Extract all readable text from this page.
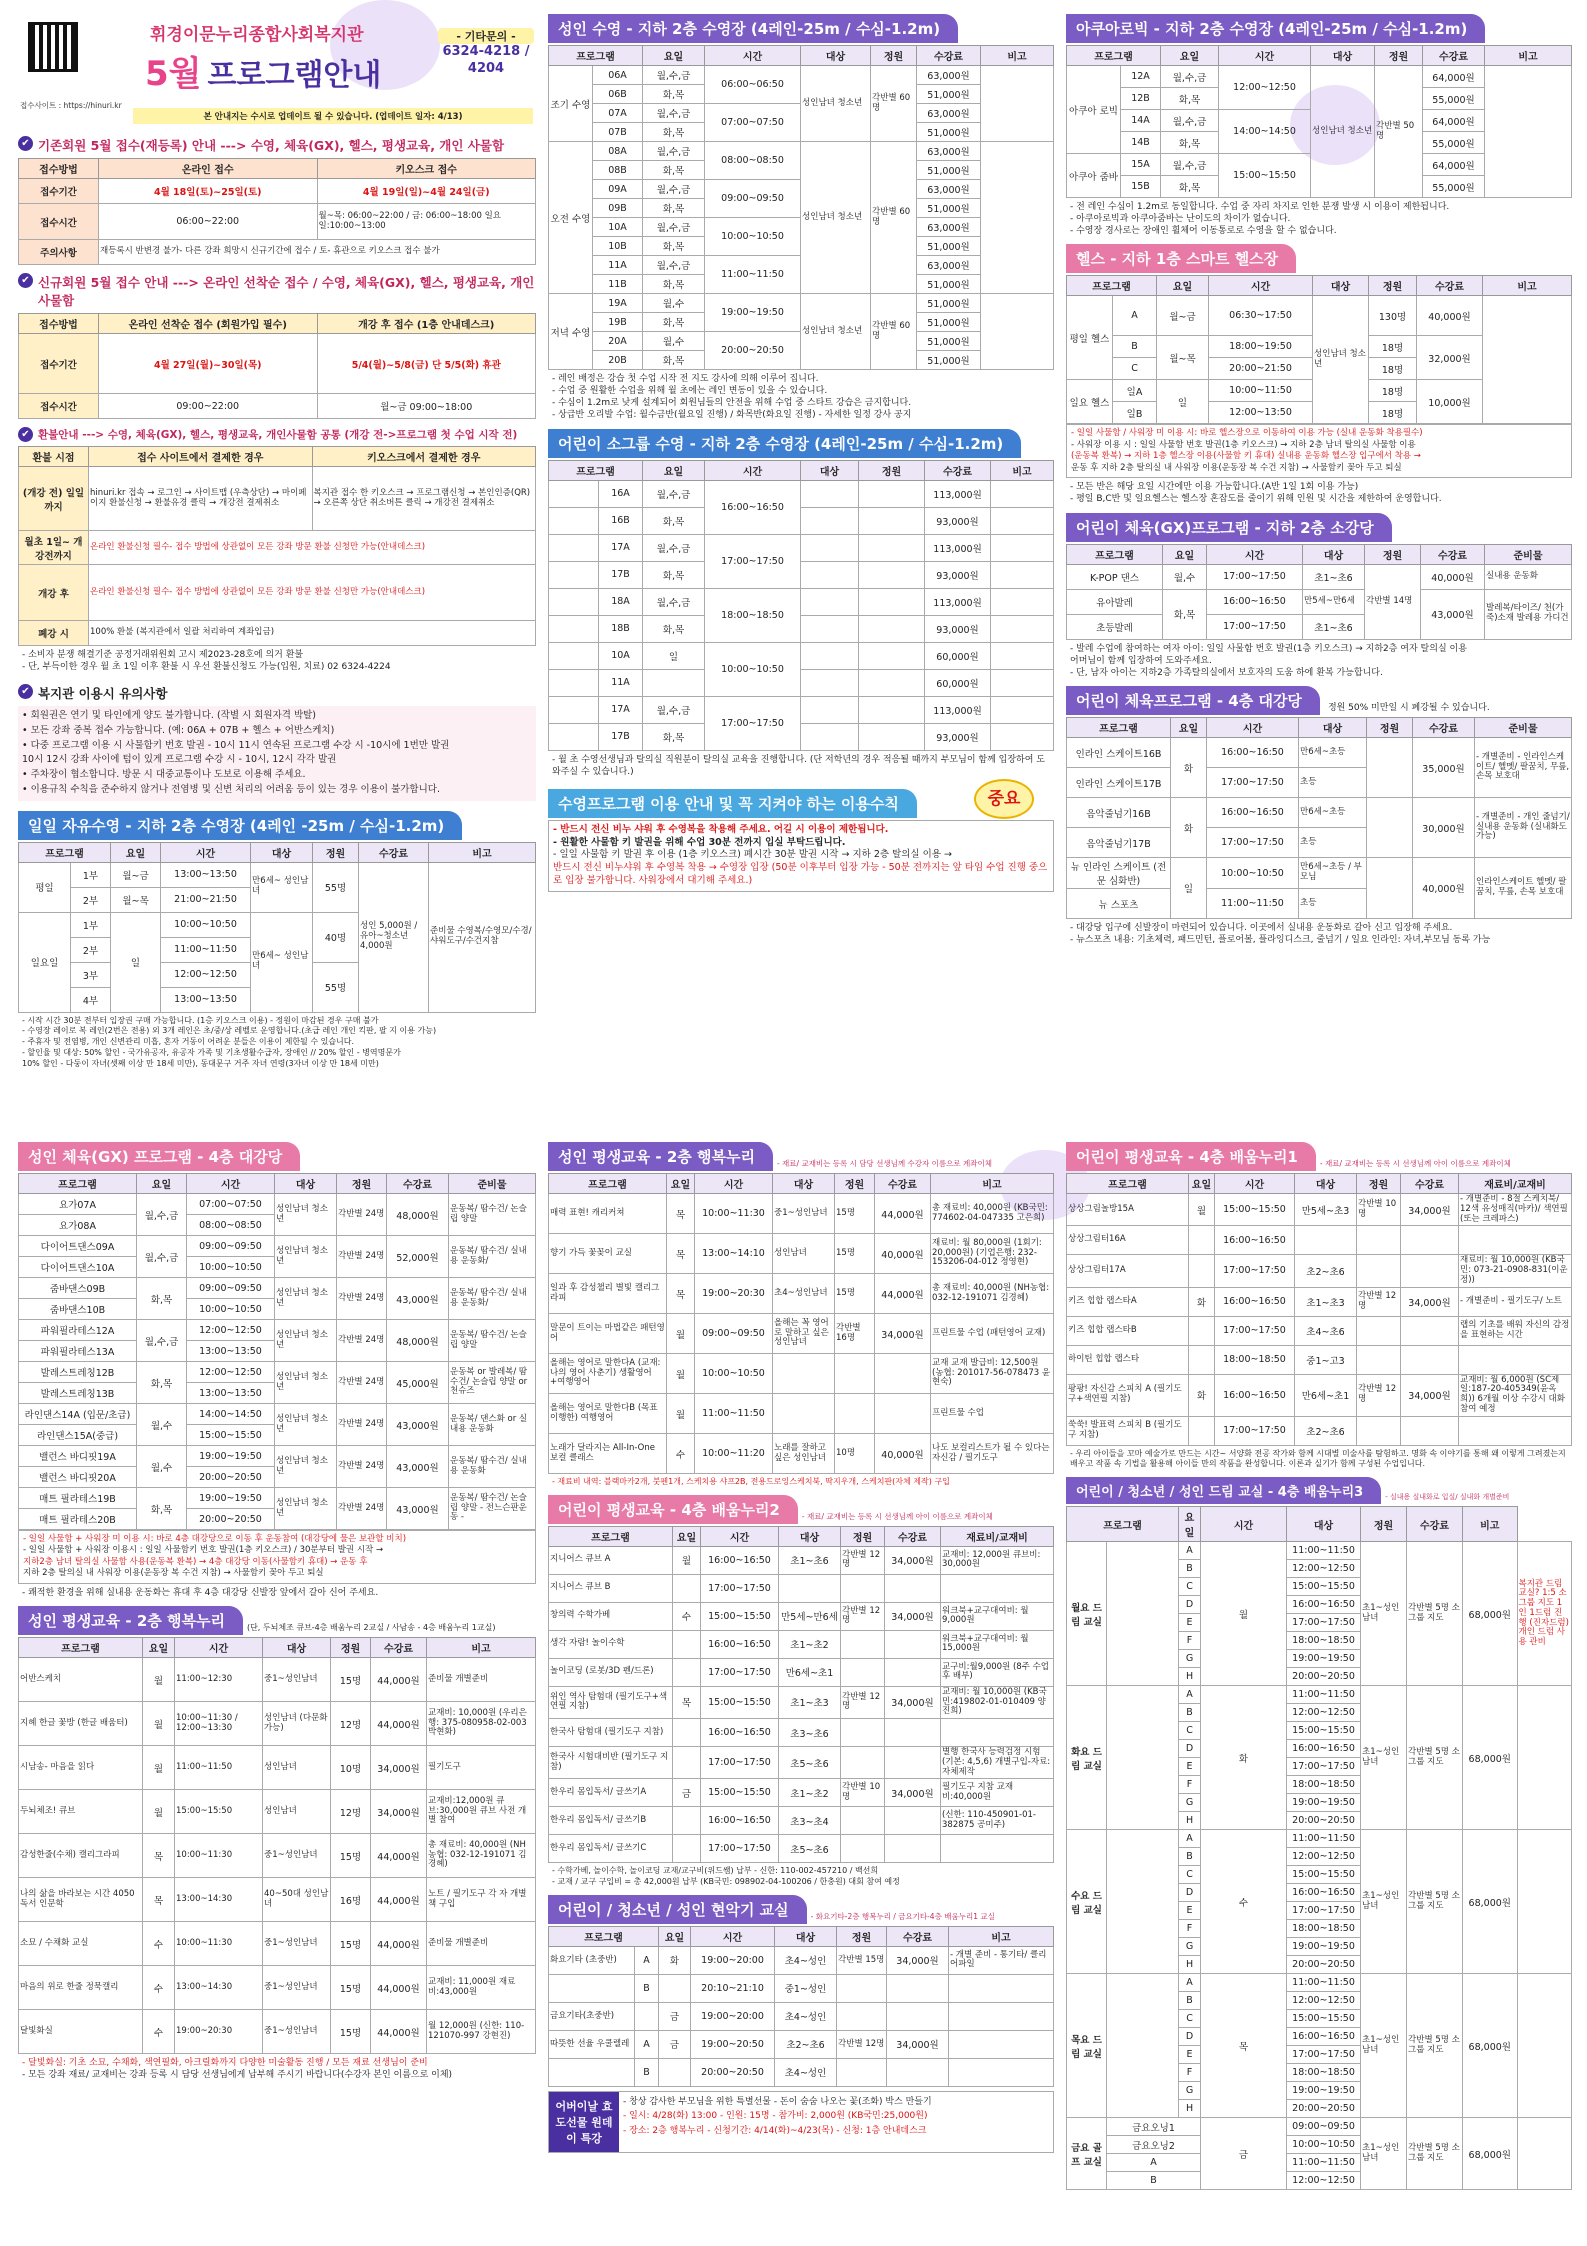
접수사이트 : https://hinuri.kr
휘경이문누리종합사회복지관
5월 프로그램안내
- 기타문의 -
6324-4218 / 4204
본 안내지는 수시로 업데이트 될 수 있습니다. (업데이트 일자: 4/13)
✔ 기존회원 5월 접수(재등록) 안내 ---> 수영, 체육(GX), 헬스, 평생교육, 개인 사물함
접수방법	온라인 접수	키오스크 접수
접수기간	4월 18일(토)~25일(토)	4월 19일(일)~4월 24일(금)
접수시간	06:00~22:00	월~목: 06:00~22:00 / 금: 06:00~18:00 일요일:10:00~13:00
주의사항	재등록시 반변경 불가- 다른 강좌 희망시 신규기간에 접수 / 토- 휴관으로 키오스크 접수 불가	
✔ 신규회원 5월 접수 안내 ---> 온라인 선착순 접수 / 수영, 체육(GX), 헬스, 평생교육, 개인 사물함
접수방법	온라인 선착순 접수 (회원가입 필수)	개강 후 접수 (1층 안내데스크)
접수기간	4월 27일(월)~30일(목)	5/4(월)~5/8(금) 단 5/5(화) 휴관
접수시간	09:00~22:00	월~금 09:00~18:00
✔ 환불안내 ---> 수영, 체육(GX), 헬스, 평생교육, 개인사물함 공통 (개강 전->프로그램 첫 수업 시작 전)
환불 시점	접수 사이트에서 결제한 경우	키오스크에서 결제한 경우
(개강 전) 일일 까지	hinuri.kr 접속 → 로그인 → 사이트맵 (우측상단) → 마이페이지 환불신청 → 환불유경 클릭 → 개강전 결제취소	복지관 접수 한 키오스크 → 프로그램신청 → 본인인증(QR) → 오른쪽 상단 취소버튼 클릭 → 개강전 결제취소
월초 1일~ 개강전까지	온라인 환불신청 필수- 접수 방법에 상관없이 모든 강좌 방문 환불 신청만 가능(안내데스크)	
개강 후	온라인 환불신청 필수- 접수 방법에 상관없이 모든 강좌 방문 환불 신청만 가능(안내데스크)	
폐강 시	100% 환불 (복지관에서 일괄 처리하여 계좌입금)	
- 소비자 분쟁 해결기준 공정거래위원회 고시 제2023-28호에 의거 환불
- 단, 부득이한 경우 월 초 1일 이후 환불 시 우선 환불신청도 가능(입원, 치료) 02 6324-4224
✔ 복지관 이용시 유의사항
• 회원권은 연기 및 타인에게 양도 불가합니다. (작별 시 회원자격 박탈)
• 모든 강좌 중복 접수 가능합니다. (예: 06A + 07B + 헬스 + 어반스케치)
• 다중 프로그램 이용 시 사물함키 번호 발권 - 10시 11시 연속된 프로그램 수강 시 -10시에 1번만 발권
10시 12시 강좌 사이에 텀이 있게 프로그램 수강 시 - 10시, 12시 각각 발권
• 주차장이 협소합니다. 방문 시 대중교통이나 도보로 이용해 주세요.
• 이용규칙 수칙을 준수하지 않거나 전염병 및 신변 처리의 어려움 등이 있는 경우 이용이 불가합니다.
일일 자유수영 - 지하 2층 수영장 (4레인 -25m / 수심-1.2m)
프로그램		요일	시간	대상	정원	수강료	비고
평일	1부	월~금	13:00~13:50	만6세~ 성인남녀	55명	성인 5,000원 / 유아~청소년 4,000원	준비물 수영복/수영모/수경/샤워도구/수건지참
	2부	월~목	21:00~21:50				
일요일	1부	일	10:00~10:50	만6세~ 성인남녀	40명		
	2부		11:00~11:50				
	3부		12:00~12:50		55명		
	4부		13:00~13:50				
- 시작 시간 30분 전부터 입장권 구매 가능합니다. (1층 키오스크 이용) - 정원이 마감된 경우 구매 불가
- 수영장 레이로 복 레인(2번은 전용) 외 3개 레인은 초/중/상 레벨로 운영합니다.(초급 레인 개인 킥판, 팔 지 이용 가능)
- 주휴자 및 전염병, 개인 신변관리 미흡, 혼자 거동이 어려운 분들은 이용이 제한될 수 있습니다.
- 할인율 및 대상: 50% 할인 - 국가유공자, 유공자 가족 및 기초생활수급자, 장애인 // 20% 할인 - 병역명문가
10% 할인 - 다둥이 자녀(셋째 이상 만 18세 미만), 동대문구 거주 자녀 연령(3자녀 이상 만 18세 미만)
성인 수영 - 지하 2층 수영장 (4레인-25m / 수심-1.2m)
프로그램		요일	시간	대상	정원	수강료	비고
조기 수영	06A	월,수,금	06:00~06:50	성인남녀 청소년	각반별 60명	63,000원	
	06B	화,목				51,000원	
	07A	월,수,금	07:00~07:50			63,000원	
	07B	화,목				51,000원	
오전 수영	08A	월,수,금	08:00~08:50	성인남녀 청소년	각반별 60명	63,000원	
	08B	화,목				51,000원	
	09A	월,수,금	09:00~09:50			63,000원	
	09B	화,목				51,000원	
	10A	월,수,금	10:00~10:50			63,000원	
	10B	화,목				51,000원	
	11A	월,수,금	11:00~11:50			63,000원	
	11B	화,목				51,000원	
저녁 수영	19A	월,수	19:00~19:50	성인남녀 청소년	각반별 60명	51,000원	
	19B	화,목				51,000원	
	20A	월,수	20:00~20:50			51,000원	
	20B	화,목				51,000원	
- 레인 배정은 강습 첫 수업 시작 전 지도 강사에 의해 이루어 집니다.
- 수업 중 원활한 수업을 위해 월 초에는 레인 변동이 있을 수 있습니다.
- 수심이 1.2m로 낮게 설계되어 회원님들의 안전을 위해 수업 중 스타트 강습은 금지합니다.
- 상급반 오리발 수업: 월수금반(월요일 진행) / 화목반(화요일 진행) - 자세한 일정 강사 공지
어린이 소그룹 수영 - 지하 2층 수영장 (4레인-25m / 수심-1.2m)
프로그램		요일	시간	대상	정원	수강료	비고
	16A	월,수,금	16:00~16:50			113,000원	
	16B	화,목				93,000원	
	17A	월,수,금	17:00~17:50			113,000원	
	17B	화,목				93,000원	
	18A	월,수,금	18:00~18:50			113,000원	
	18B	화,목				93,000원	
	10A	일	10:00~10:50			60,000원	
	11A					60,000원	
	17A	월,수,금	17:00~17:50			113,000원	
	17B	화,목				93,000원	
- 월 초 수영선생님과 탈의실 직원분이 탈의실 교육을 진행합니다. (단 저학년의 경우 적응될 때까지 부모님이 함께 입장하여 도와주실 수 있습니다.)
수영프로그램 이용 안내 및 꼭 지켜야 하는 이용수칙	중요
- 반드시 전신 비누 샤워 후 수영복을 착용해 주세요. 어길 시 이용이 제한됩니다.
- 원활한 사물함 키 발권을 위해 수업 30분 전까지 입실 부탁드립니다.
- 일일 사물함 키 발권 후 이용 (1층 키오스크) 폐시간 30분 발권 시작 → 지하 2층 탈의실 이용 →
반드시 전신 비누샤워 후 수영복 착용 → 수영장 입장 (50분 이후부터 입장 가능 - 50분 전까지는 앞 타임 수업 진행 중으로 입장 불가합니다. 사워장에서 대기해 주세요.)
아쿠아로빅 - 지하 2층 수영장 (4레인-25m / 수심-1.2m)
프로그램		요일	시간	대상	정원	수강료	비고
아쿠아 로빅	12A	월,수,금	12:00~12:50	성인남녀 청소년	각반별 50명	64,000원	
	12B	화,목				55,000원	
	14A	월,수,금	14:00~14:50			64,000원	
	14B	화,목				55,000원	
아쿠아 줌바	15A	월,수,금	15:00~15:50			64,000원	
	15B	화,목				55,000원	
- 전 레인 수심이 1.2m로 동일합니다. 수업 중 자리 차지로 인한 분쟁 발생 시 이용이 제한됩니다.
- 아쿠아로빅과 아쿠아줌바는 난이도의 차이가 없습니다.
- 수영장 경사로는 장애인 휠체어 이동통로로 수영을 할 수 없습니다.
헬스 - 지하 1층 스마트 헬스장
프로그램		요일	시간	대상	정원	수강료	비고
평일 헬스	A	월~금	06:30~17:50	성인남녀 청소년	130명	40,000원	
	B	월~목	18:00~19:50		18명	32,000원	
	C		20:00~21:50		18명		
일요 헬스	일A	일	10:00~11:50		18명	10,000원	
	일B		12:00~13:50		18명		
- 일일 사물함 / 사워장 미 이용 시: 바로 헬스장으로 이동하여 이용 가능 (실내 운동화 착용필수)
- 사워장 이용 시 : 일일 사물함 번호 발권(1층 키오스크) → 지하 2층 남녀 탈의실 사물함 이용
(운동복 환복) → 지하 1층 헬스장 이용(사물함 키 휴대) 실내용 운동화 헬스장 입구에서 착용 →
운동 후 지하 2층 탈의실 내 사워장 이용(운동장 복 수건 지참) → 사물함키 꽂아 두고 퇴실
- 모든 반은 해당 요일 시간에만 이용 가능합니다.(A반 1일 1회 이용 가능)
- 평일 B,C반 및 일요헬스는 헬스장 혼잡도를 줄이기 위해 인원 및 시간을 제한하여 운영합니다.
어린이 체육(GX)프로그램 - 지하 2층 소강당
프로그램	요일	시간	대상	정원	수강료	준비물
K-POP 댄스	월,수	17:00~17:50	초1~초6	각반별 14명	40,000원	실내용 운동화
유아발레	화,목	16:00~16:50	만5세~만6세		43,000원	발레복/타이즈/ 천(가죽)소재 발레용 가디건
초등발레		17:00~17:50	초1~초6			
- 발레 수업에 참여하는 여자 아이: 일일 사물함 번호 발권(1층 키오스크) → 지하2층 여자 탈의실 이용
어머님이 함께 입장하여 도와주세요.
- 단, 남자 아이는 지하2층 가족탈의실에서 보호자의 도움 하에 환복 가능합니다.
어린이 체육프로그램 - 4층 대강당	정원 50% 미만일 시 폐강될 수 있습니다.
프로그램	요일	시간	대상	정원	수강료	준비물
인라인 스케이트16B	화	16:00~16:50	만6세~초등		35,000원	- 개별준비 - 인라인스케이트/ 헬멧/ 팔꿈치, 무릎, 손목 보호대
인라인 스케이트17B		17:00~17:50	초등			
음악줄넘기16B	화	16:00~16:50	만6세~초등		30,000원	- 개별준비 - 개인 줄넘기/ 실내용 운동화 (실내화도 가능)
음악줄넘기17B		17:00~17:50	초등			
뉴 인라인 스케이트 (전문 심화반)	일	10:00~10:50	만6세~초등 / 부모님		40,000원	인라인스케이트 헬멧/ 팔꿈치, 무릎, 손목 보호대
뉴 스포츠		11:00~11:50	초등			
- 대강당 입구에 신발장이 마련되어 있습니다. 이곳에서 실내용 운동화로 갈아 신고 입장해 주세요.
- 뉴스포츠 내용: 기초체력, 패드민턴, 플로어볼, 플라잉디스크, 줄넘기 / 일요 인라인: 자녀,부모님 동록 가능
성인 체육(GX) 프로그램 - 4층 대강당
프로그램	요일	시간	대상	정원	수강료	준비물
요가07A	월,수,금	07:00~07:50	성인남녀 청소년	각반별 24명	48,000원	운동복/ 땀수건/ 논슬립 양말
요가08A		08:00~08:50				
다이어트댄스09A	월,수,금	09:00~09:50	성인남녀 청소년	각반별 24명	52,000원	운동복/ 땀수건/ 실내용 운동화/
다이어트댄스10A		10:00~10:50				
줌바댄스09B	화,목	09:00~09:50	성인남녀 청소년	각반별 24명	43,000원	운동복/ 땀수건/ 실내용 운동화/
줌바댄스10B		10:00~10:50				
파워필라테스12A	월,수,금	12:00~12:50	성인남녀 청소년	각반별 24명	48,000원	운동복/ 땀수건/ 논슬립 양말
파워필라테스13A		13:00~13:50				
발레스트레칭12B	화,목	12:00~12:50	성인남녀 청소년	각반별 24명	45,000원	운동복 or 발레복/ 땀수건/ 논슬립 양말 or 천슈즈
발레스트레칭13B		13:00~13:50				
라인댄스14A (입문/초급)	월,수	14:00~14:50	성인남녀 청소년	각반별 24명	43,000원	운동복/ 댄스화 or 실내용 운동화
라인댄스15A(중급)		15:00~15:50				
밸런스 바디핏19A	월,수	19:00~19:50	성인남녀 청소년	각반별 24명	43,000원	운동복/ 땀수건/ 실내용 운동화
밸런스 바디핏20A		20:00~20:50				
매트 필라테스19B	화,목	19:00~19:50	성인남녀 청소년	각반별 24명	43,000원	운동복/ 땀수건/ 논슬립 양말 - 전느슨판운동 -
매트 필라테스20B		20:00~20:50				
- 일일 사물함 + 사워장 미 이용 시: 바로 4층 대강당으로 이동 후 운동참여 (대강당에 물은 보관할 비치)
- 일일 사물함 + 사워장 이용시 : 일일 사물함키 번호 발권(1층 키오스크) / 30분부터 발권 시작 →
지하2층 남녀 탈의실 사물함 사용(운동복 환복) → 4층 대강당 이동(사물함키 휴대) → 운동 후
지하 2층 탈의실 내 사워장 이용(운동장 복 수건 지참) → 사물함키 꽂아 두고 퇴실
- 쾌적한 환경을 위해 실내용 운동화는 휴대 후 4층 대강당 신발장 앞에서 갈아 신어 주세요.
성인 평생교육 - 2층 행복누리	(단, 두뇌체조 큐브-4층 배움누리 2교실 / 사남송 - 4층 배움누리 1교실)
프로그램	요일	시간	대상	정원	수강료	비고
어반스케치	월	11:00~12:30	중1~성인남녀	15명	44,000원	준비물 개별준비
지혜 한글 꽃방 (한글 배움터)	월	10:00~11:30 / 12:00~13:30	성인남녀 (다문화 가능)	12명	44,000원	교재비: 10,000원 (우리은행: 375-080958-02-003 박현화)
시남송- 마음을 읽다	월	11:00~11:50	성인남녀	10명	34,000원	필기도구
두뇌체조! 큐브	월	15:00~15:50	성인남녀	12명	34,000원	교재비:12,000원 큐브:30,000원 큐브 사전 개별 참여
감성한줄(수채) 캘리그라피	목	10:00~11:30	중1~성인남녀	15명	44,000원	총 재료비: 40,000원 (NH농협: 032-12-191071 김경혜)
나의 삶을 바라보는 시간 4050 독서 인문학	목	13:00~14:30	40~50대 성인남녀	16명	44,000원	노트 / 필기도구 각 자 개별 책 구입
소묘 / 수채화 교실	수	10:00~11:30	중1~성인남녀	15명	44,000원	준비물 개별준비
마음의 위로 한줄 정묵캘리	수	13:00~14:30	중1~성인남녀	15명	44,000원	교재비: 11,000원 재료비:43,000원
달빛화실	수	19:00~20:30	중1~성인남녀	15명	44,000원	월 12,000원 (신한: 110-121070-997 강현진)
- 달빛화실: 기초 소묘, 수채화, 색연필화, 아크릴화까지 다양한 미술활동 진행 / 모든 재료 선생님이 준비
- 모든 강좌 재료/ 교재비는 강좌 등록 시 담당 선생님에게 납부해 주시기 바랍니다(수강자 본인 이름으로 이체)
성인 평생교육 - 2층 행복누리	- 재료/ 교재비는 등록 시 담당 선생님께 수강자 이름으로 계좌이체
프로그램	요일	시간	대상	정원	수강료	비고
매력 표현! 캐리커쳐	목	10:00~11:30	중1~성인남녀	15명	44,000원	총 재료비: 40,000원 (KB국민: 774602-04-047335 고은희)
향기 가득 꽃꽂이 교실	목	13:00~14:10	성인남녀	15명	40,000원	재료비: 월 80,000원 (1회기: 20,000원) (기업은행: 232-153206-04-012 정영현)
일과 후 감성챌리 별빛 캘리그라피	목	19:00~20:30	초4~성인남녀	15명	44,000원	총 재료비: 40,000원 (NH농협: 032-12-191071 김경혜)
말문이 트이는 마법같은 패턴영어	월	09:00~09:50	올해는 꼭 영어로 말하고 싶은 성인남녀	각반별 16명	34,000원	프린트물 수업 (패턴영어 교재)
올해는 영어로 말한다A (교재: 나의 영어 사춘기) 생활영어+여행영어	월	10:00~10:50				교재 교재 발급비: 12,500원 (농협: 201017-56-078473 윤현숙)
올해는 영어로 말한다B (목표 이행한) 여행영어	월	11:00~11:50				프린트물 수업
노래가 달라지는 All-In-One 보컬 클래스	수	10:00~11:20	노래를 잘하고 싶은 성인남녀	10명	40,000원	나도 보컬리스트가 될 수 있다는 자신감 / 필기도구
- 재료비 내역: 블랙마카2개, 붓펜1개, 스케치용 샤프2B, 전용드로잉스케치북, 딱지우개, 스케치판(자체 제작) 구입
어린이 평생교육 - 4층 배움누리2	- 재료/ 교재비는 등록 시 선생님께 아이 이름으로 계좌이체
프로그램	요일	시간	대상	정원	수강료	재료비/교재비
지니어스 큐브 A	월	16:00~16:50	초1~초6	각반별 12명	34,000원	교재비: 12,000원 큐브비: 30,000원
지니어스 큐브 B		17:00~17:50				
창의력 수학가베	수	15:00~15:50	만5세~만6세	각반별 12명	34,000원	워크북+교구대여비: 월 9,000원
생각 자람! 놀이수학		16:00~16:50	초1~초2			워크북+교구대여비: 월 15,000원
놀이코딩 (로봇/3D 펜/드론)		17:00~17:50	만6세~초1			교구비:월9,000원 (8주 수업 후 배부)
위인 역사 탐험대 (필기도구+색연필 지참)	목	15:00~15:50	초1~초3	각반별 12명	34,000원	교재비: 월 10,000원 (KB국민:419802-01-010409 양진희)
한국사 탐험대 (필기도구 지참)		16:00~16:50	초3~초6			
한국사 시험대비반 (필기도구 지참)		17:00~17:50	초5~초6			별행 한국사 능력검정 시험 (기본: 4,5,6) 개별구입-자료: 자체제작
한우리 몸입독서/ 글쓰기A	금	15:00~15:50	초1~초2	각반별 10명	34,000원	필기도구 지참 교재비:40,000원
한우리 몸입독서/ 글쓰기B		16:00~16:50	초3~초4			(신한: 110-450901-01-382875 공미주)
한우리 몸입독서/ 글쓰기C		17:00~17:50	초5~초6			
- 수학가베, 놀이수학, 놀이코딩 교재/교구비(위드쌤) 납부 - 신한: 110-002-457210 / 백선희
- 교재 / 교구 구입비 = 총 42,000원 납부 (KB국민: 098902-04-100206 / 한충원) 대회 참여 예정
어린이 / 청소년 / 성인 현악기 교실	- 화요기타-2층 행복누리 / 금요기타-4층 배움누리1 교실
프로그램		요일	시간	대상	정원	수강료	비고
화요기타 (초중반)	A	화	19:00~20:00	초4~성인	각반별 15명	34,000원	- 개별 준비 - 통기타/ 클리어파일
	B		20:10~21:10	중1~성인			
금요기타(초중반)		금	19:00~20:00	초4~성인			
따뜻한 선율 우쿨렐레	A	금	19:00~20:50	초2~초6	각반별 12명	34,000원	
	B		20:00~20:50	초4~성인			
어버이날 효도선물 원데이 특강
- 창상 감사한 부모님을 위한 특별선물 - 돈이 숨숨 나오는 꽃(조화) 박스 만들기
- 일시: 4/28(화) 13:00 - 인원: 15명 - 참가비: 2,000원 (KB국민:25,000원)
- 장소: 2층 행복누리 - 신청기간: 4/14(화)~4/23(목) - 신청: 1층 안내데스크
어린이 평생교육 - 4층 배움누리1	- 재료/ 교재비는 등록 시 선생님께 아이 이름으로 계좌이체
프로그램	요일	시간	대상	정원	수강료	재료비/교재비
상상그림놀방15A	월	15:00~15:50	만5세~초3	각반별 10명	34,000원	- 개별준비 - 8절 스케치북/ 12색 유성매직(마카)/ 색연필(또는 크레파스)
상상그림터16A		16:00~16:50				
상상그림터17A		17:00~17:50	초2~초6			재료비: 월 10,000원 (KB국민: 073-21-0908-831(이운정))
키즈 힙합 랩스타A	화	16:00~16:50	초1~초3	각반별 12명	34,000원	- 개별준비 - 필기도구/ 노트
키즈 힙합 랩스타B		17:00~17:50	초4~초6			랩의 기초를 배워 자신의 감정을 표현하는 시간
하이틴 힙합 랩스타		18:00~18:50	중1~고3			
팡팡! 자신감 스피치 A (필기도구+색연필 지참)	화	16:00~16:50	만6세~초1	각반별 12명	34,000원	교재비: 월 6,000원 (SC제일:187-20-405349(윤옥희)) 6개월 이상 수강시 대화 참여 예정
쑥쑥! 발표력 스피치 B (필기도구 지참)		17:00~17:50	초2~초6			
- 우리 아이들을 꼬마 예술가로 만드는 시간~ 서양화 전공 작가와 함께 시대별 미술사를 탐험하고. 명화 속 이야기를 통해 왜 이렇게 그려졌는지 배우고 작품 속 기법을 활용해 아이들 만의 작품을 완성합니다. 이론과 실기가 함께 구성된 수업입니다.
어린이 / 청소년 / 성인 드림 교실 - 4층 배움누리3	- 실내용 실내화로 입실/ 실내화 개별준비
프로그램		요일	시간	대상	정원	수강료	비고	
월요 드림 교실		A	월	11:00~11:50	초1~성인남녀	각반별 5명 소그룹 지도	68,000원	복지관 드림교실? 1:5 소그룹 지도 1인 1드럼 진행 (진자드럼) 개인 드럼 사용 관비
		B		12:00~12:50				
		C		15:00~15:50				
		D		16:00~16:50				
		E		17:00~17:50				
		F		18:00~18:50				
		G		19:00~19:50				
		H		20:00~20:50				
화요 드림 교실		A	화	11:00~11:50	초1~성인남녀	각반별 5명 소그룹 지도	68,000원	
		B		12:00~12:50				
		C		15:00~15:50				
		D		16:00~16:50				
		E		17:00~17:50				
		F		18:00~18:50				
		G		19:00~19:50				
		H		20:00~20:50				
수요 드림 교실		A	수	11:00~11:50	초1~성인남녀	각반별 5명 소그룹 지도	68,000원	
		B		12:00~12:50				
		C		15:00~15:50				
		D		16:00~16:50				
		E		17:00~17:50				
		F		18:00~18:50				
		G		19:00~19:50				
		H		20:00~20:50				
목요 드림 교실		A	목	11:00~11:50	초1~성인남녀	각반별 5명 소그룹 지도	68,000원	
		B		12:00~12:50				
		C		15:00~15:50				
		D		16:00~16:50				
		E		17:00~17:50				
		F		18:00~18:50				
		G		19:00~19:50				
		H		20:00~20:50				
금요 골프 교실	금요오닝1		금	09:00~09:50	초1~성인남녀	각반별 5명 소그룹 지도	68,000원	
	금요오닝2			10:00~10:50				
	A			11:00~11:50				
	B			12:00~12:50				
